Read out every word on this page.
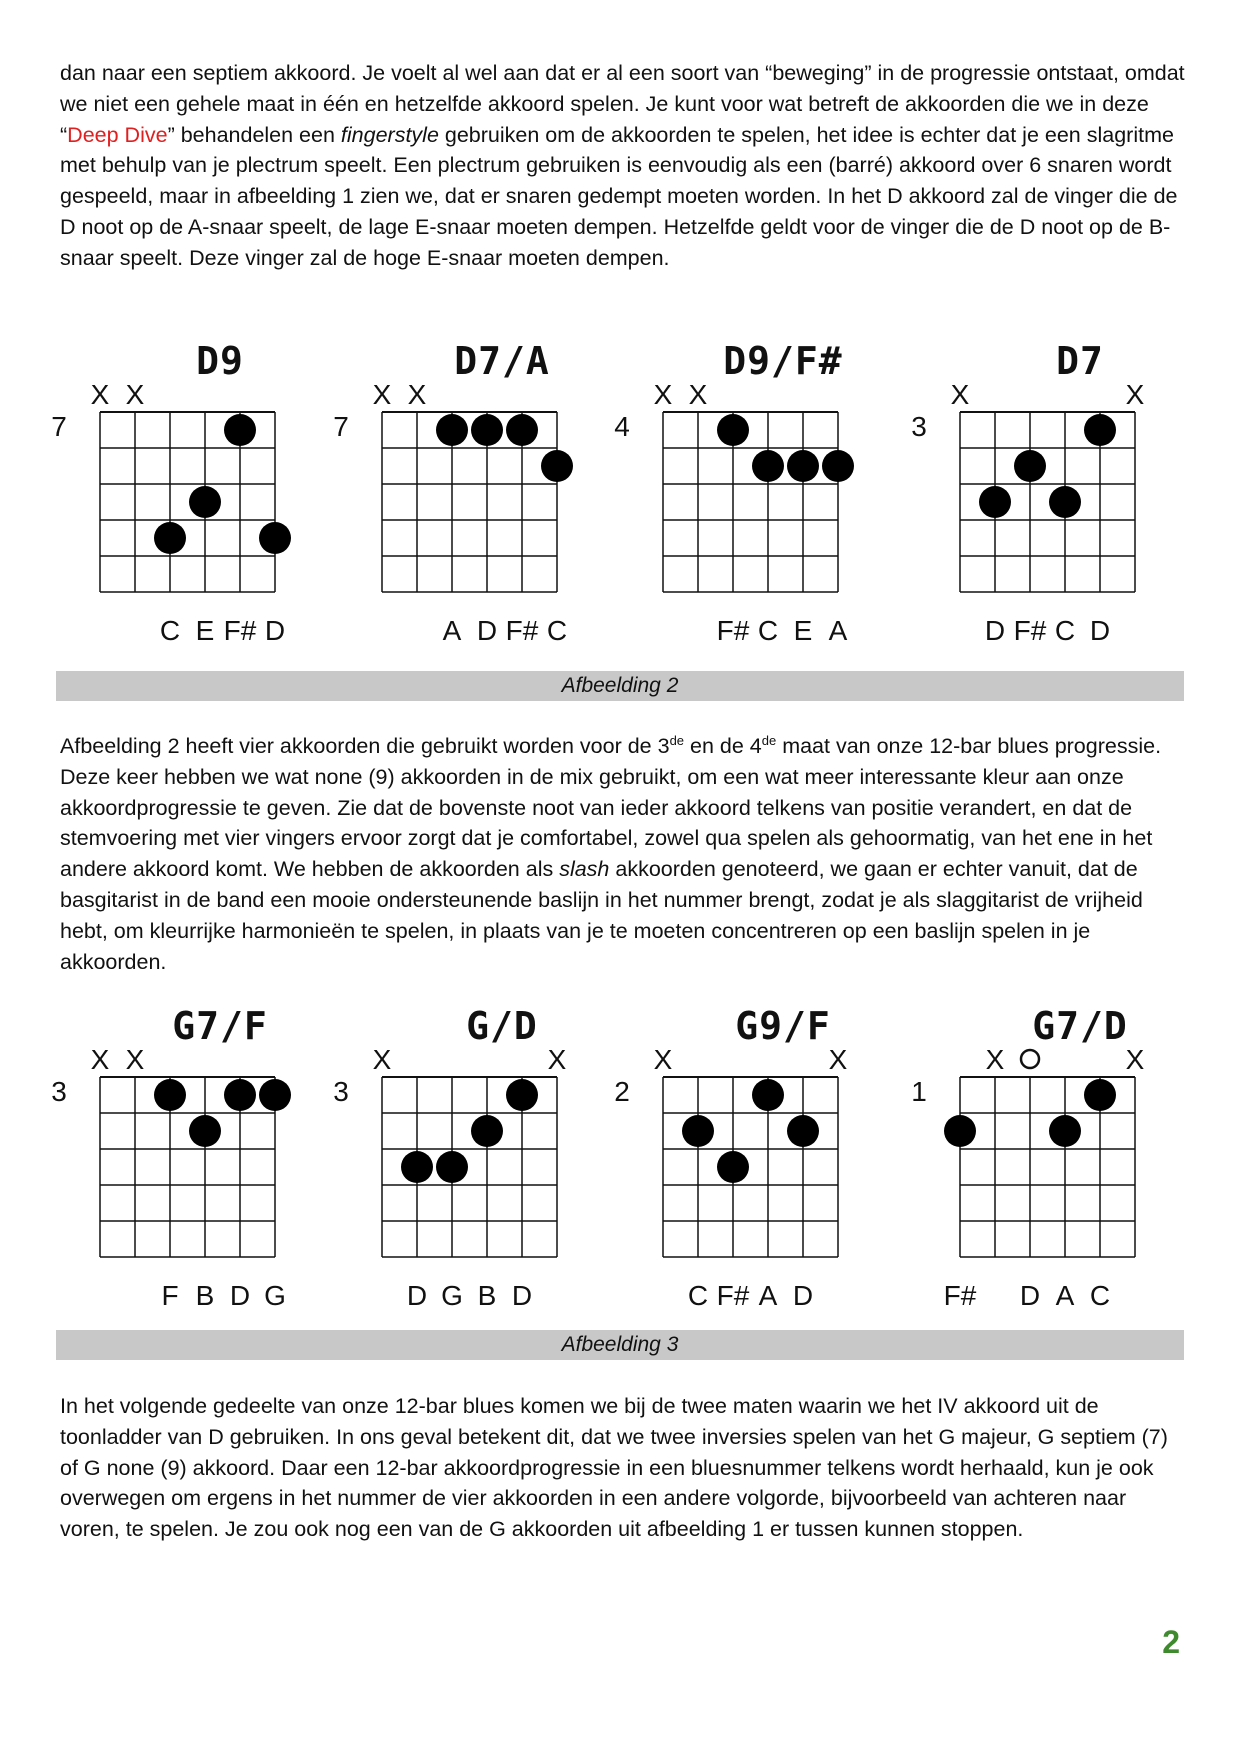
dan naar een septiem akkoord. Je voelt al wel aan dat er al een soort van “beweging” in de progressie ontstaat, omdat we niet een gehele maat in één en hetzelfde akkoord spelen. Je kunt voor wat betreft de akkoorden die we in deze “Deep Dive” behandelen een fingerstyle gebruiken om de akkoorden te spelen, het idee is echter dat je een slagritme met behulp van je plectrum speelt. Een plectrum gebruiken is eenvoudig als een (barré) akkoord over 6 snaren wordt gespeeld, maar in afbeelding 1 zien we, dat er snaren gedempt moeten worden. In het D akkoord zal de vinger die de D noot op de A-snaar speelt, de lage E-snaar moeten dempen. Hetzelfde geldt voor de vinger die de D noot op de B-snaar speelt. Deze vinger zal de hoge E-snaar moeten dempen.
D9
7
X X
C E F# D
D7/A
7
X X
A D F# C
D9/F#
4
X X
F# C E A
D7
3
X	X
D F# C D
Afbeelding 2
Afbeelding 2 heeft vier akkoorden die gebruikt worden voor de 3de en de 4de maat van onze 12-bar blues progressie. Deze keer hebben we wat none (9) akkoorden in de mix gebruikt, om een wat meer interessante kleur aan onze akkoordprogressie te geven. Zie dat de bovenste noot van ieder akkoord telkens van positie verandert, en dat de stemvoering met vier vingers ervoor zorgt dat je comfortabel, zowel qua spelen als gehoormatig, van het ene in het andere akkoord komt. We hebben de akkoorden als slash akkoorden genoteerd, we gaan er echter vanuit, dat de basgitarist in de band een mooie ondersteunende baslijn in het nummer brengt, zodat je als slaggitarist de vrijheid hebt, om kleurrijke harmonieën te spelen, in plaats van je te moeten concentreren op een baslijn spelen in je akkoorden.
G7/F
3
X X
F B D G
G/D
3
X	X
D G B D
G9/F
2
X	X
C F# A D
G7/D
1
X	X
F#	D A C
Afbeelding 3
In het volgende gedeelte van onze 12-bar blues komen we bij de twee maten waarin we het IV akkoord uit de toonladder van D gebruiken. In ons geval betekent dit, dat we twee inversies spelen van het G majeur, G septiem (7) of G none (9) akkoord. Daar een 12-bar akkoordprogressie in een bluesnummer telkens wordt herhaald, kun je ook overwegen om ergens in het nummer de vier akkoorden in een andere volgorde, bijvoorbeeld van achteren naar voren, te spelen. Je zou ook nog een van de G akkoorden uit afbeelding 1 er tussen kunnen stoppen.
2
